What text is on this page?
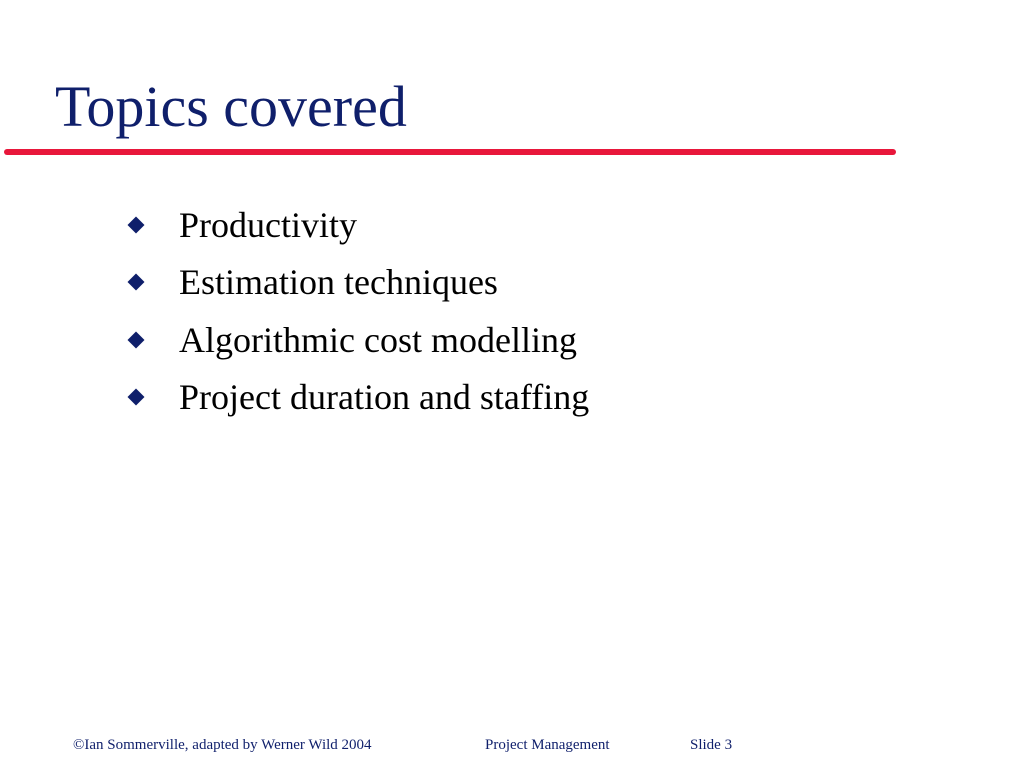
Topics covered
Productivity
Estimation techniques
Algorithmic cost modelling
Project duration and staffing
©Ian Sommerville, adapted by Werner Wild 2004	Project Management	Slide 3
